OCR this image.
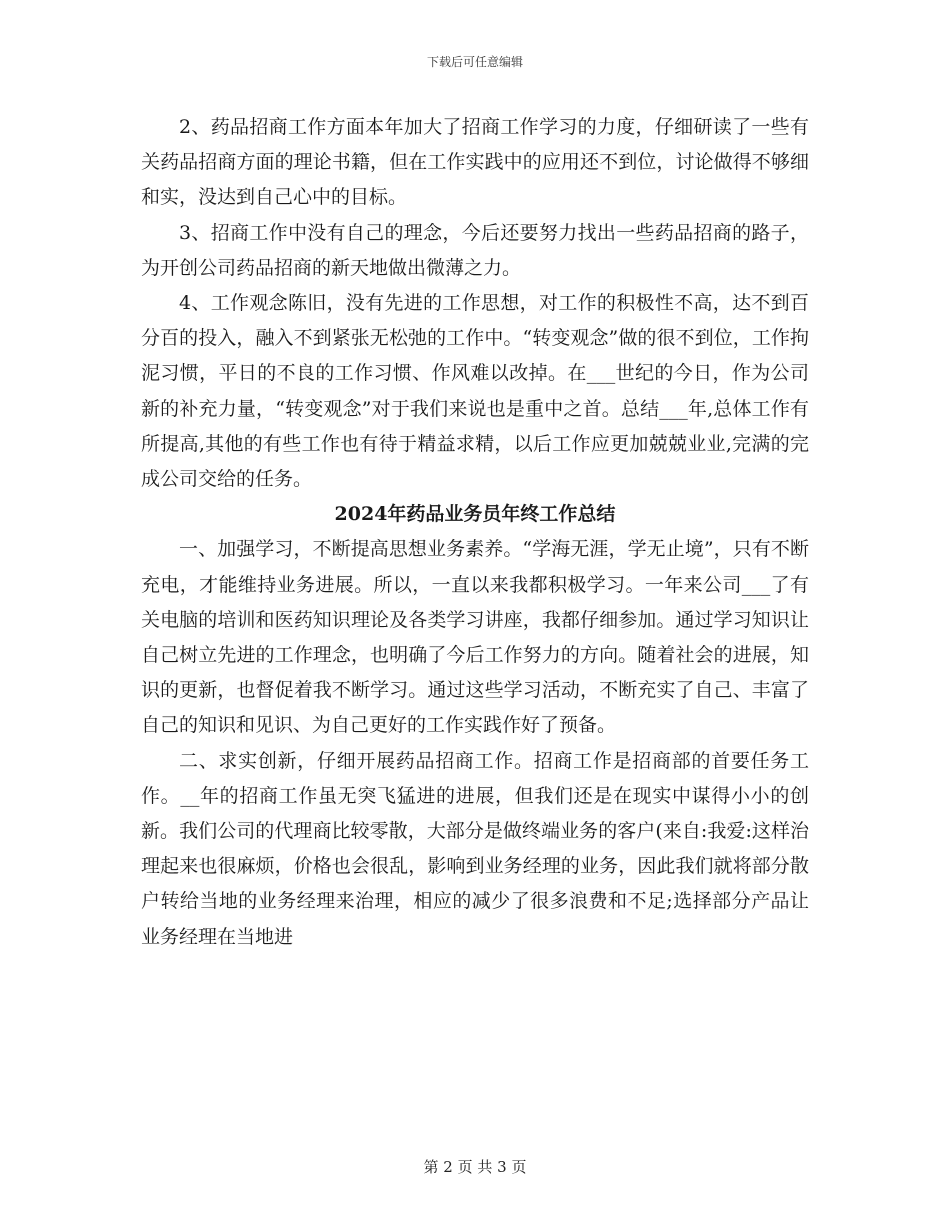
下载后可任意编辑

2、药品招商工作方面本年加大了招商工作学习的力度，仔细研读了一些有关药品招商方面的理论书籍，但在工作实践中的应用还不到位，讨论做得不够细和实，没达到自己心中的目标。

3、招商工作中没有自己的理念，今后还要努力找出一些药品招商的路子，为开创公司药品招商的新天地做出微薄之力。

4、工作观念陈旧，没有先进的工作思想，对工作的积极性不高，达不到百分百的投入，融入不到紧张无松弛的工作中。“转变观念”做的很不到位，工作拘泥习惯，平日的不良的工作习惯、作风难以改掉。在___世纪的今日，作为公司新的补充力量，“转变观念”对于我们来说也是重中之首。总结___年,总体工作有所提高,其他的有些工作也有待于精益求精，以后工作应更加兢兢业业,完满的完成公司交给的任务。

2024年药品业务员年终工作总结

一、加强学习，不断提高思想业务素养。“学海无涯，学无止境”，只有不断充电，才能维持业务进展。所以，一直以来我都积极学习。一年来公司___了有关电脑的培训和医药知识理论及各类学习讲座，我都仔细参加。通过学习知识让自己树立先进的工作理念，也明确了今后工作努力的方向。随着社会的进展，知识的更新，也督促着我不断学习。通过这些学习活动，不断充实了自己、丰富了自己的知识和见识、为自己更好的工作实践作好了预备。

二、求实创新，仔细开展药品招商工作。招商工作是招商部的首要任务工作。__年的招商工作虽无突飞猛进的进展，但我们还是在现实中谋得小小的创新。我们公司的代理商比较零散，大部分是做终端业务的客户(来自:我爱:这样治理起来也很麻烦，价格也会很乱，影响到业务经理的业务，因此我们就将部分散户转给当地的业务经理来治理，相应的减少了很多浪费和不足;选择部分产品让业务经理在当地进

第 2 页 共 3 页
